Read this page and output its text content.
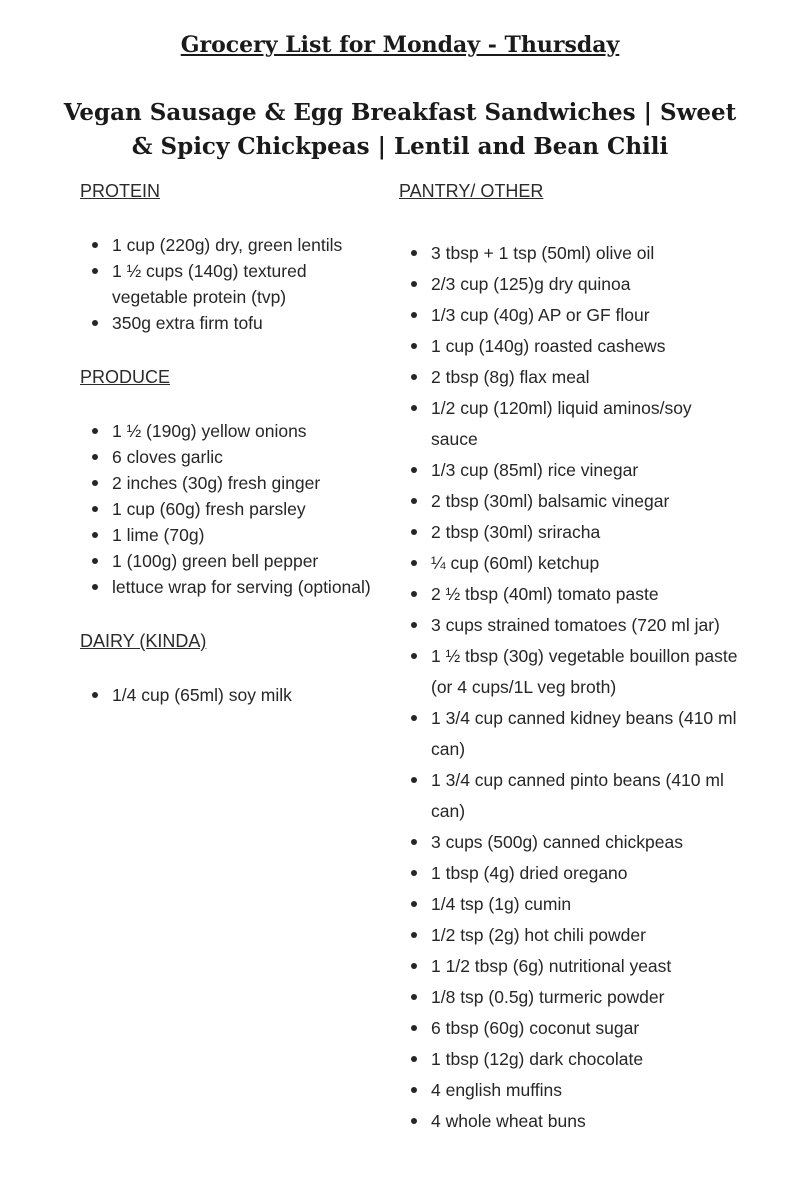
Grocery List for Monday - Thursday
Vegan Sausage & Egg Breakfast Sandwiches | Sweet & Spicy Chickpeas | Lentil and Bean Chili

PROTEIN

1 cup (220g) dry, green lentils
1 ½ cups (140g) textured vegetable protein (tvp)
350g extra firm tofu

PRODUCE

1 ½ (190g) yellow onions
6 cloves garlic
2 inches (30g) fresh ginger
1 cup (60g) fresh parsley
1 lime (70g)
1 (100g) green bell pepper
lettuce wrap for serving (optional)

DAIRY (KINDA)

1/4 cup (65ml) soy milk

PANTRY/ OTHER

3 tbsp + 1 tsp (50ml) olive oil
2/3 cup (125)g dry quinoa
1/3 cup (40g) AP or GF flour
1 cup (140g) roasted cashews
2 tbsp (8g) flax meal
1/2 cup (120ml) liquid aminos/soy sauce
1/3 cup (85ml) rice vinegar
2 tbsp (30ml) balsamic vinegar
2 tbsp (30ml) sriracha
¼ cup (60ml) ketchup
2 ½ tbsp (40ml) tomato paste
3 cups strained tomatoes (720 ml jar)
1 ½ tbsp (30g) vegetable bouillon paste (or 4 cups/1L veg broth)
1 3/4 cup canned kidney beans (410 ml can)
1 3/4 cup canned pinto beans (410 ml can)
3 cups (500g) canned chickpeas
1 tbsp (4g) dried oregano
1/4 tsp (1g) cumin
1/2 tsp (2g) hot chili powder
1 1/2 tbsp (6g) nutritional yeast
1/8 tsp (0.5g) turmeric powder
6 tbsp (60g) coconut sugar
1 tbsp (12g) dark chocolate
4 english muffins
4 whole wheat buns
